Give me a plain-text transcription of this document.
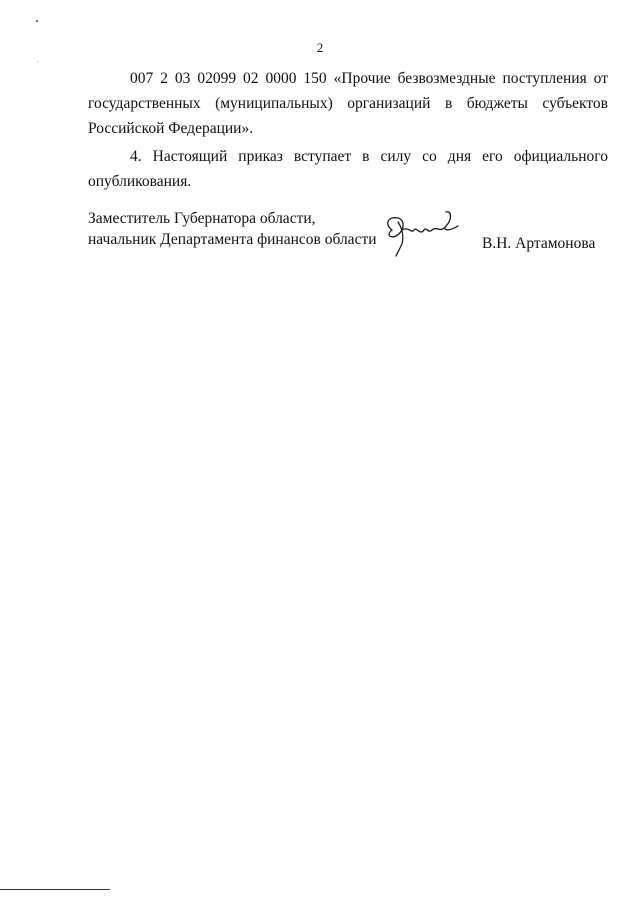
2

007 2 03 02099 02 0000 150 «Прочие безвозмездные поступления от государственных (муниципальных) организаций в бюджеты субъектов Российской Федерации».

4. Настоящий приказ вступает в силу со дня его официального опубликования.

Заместитель Губернатора области,
начальник Департамента финансов области	В.Н. Артамонова
